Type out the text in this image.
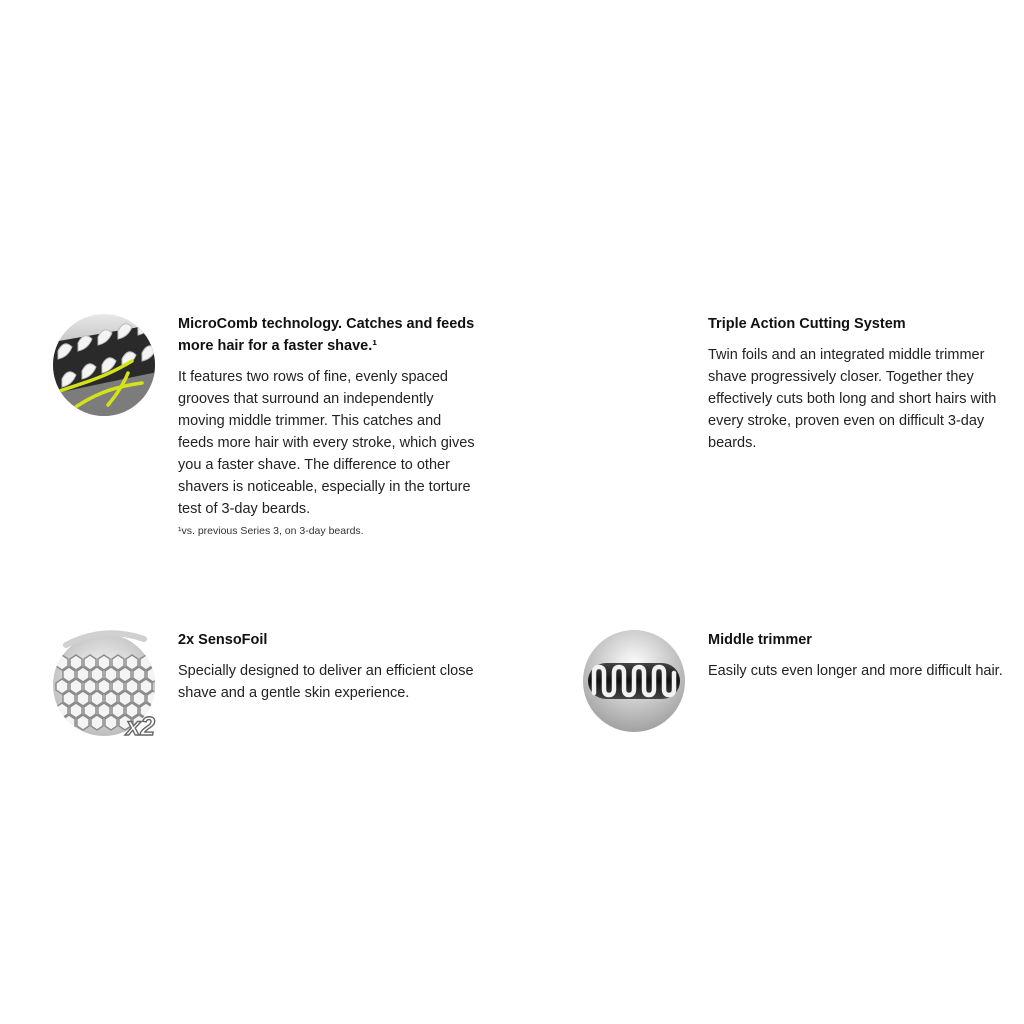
MicroComb technology. Catches and feeds more hair for a faster shave.¹

It features two rows of fine, evenly spaced grooves that surround an independently moving middle trimmer. This catches and feeds more hair with every stroke, which gives you a faster shave. The difference to other shavers is noticeable, especially in the torture test of 3-day beards.

¹vs. previous Series 3, on 3-day beards.

Triple Action Cutting System

Twin foils and an integrated middle trimmer shave progressively closer. Together they effectively cuts both long and short hairs with every stroke, proven even on difficult 3-day beards.

x2

2x SensoFoil

Specially designed to deliver an efficient close shave and a gentle skin experience.

Middle trimmer

Easily cuts even longer and more difficult hair.
